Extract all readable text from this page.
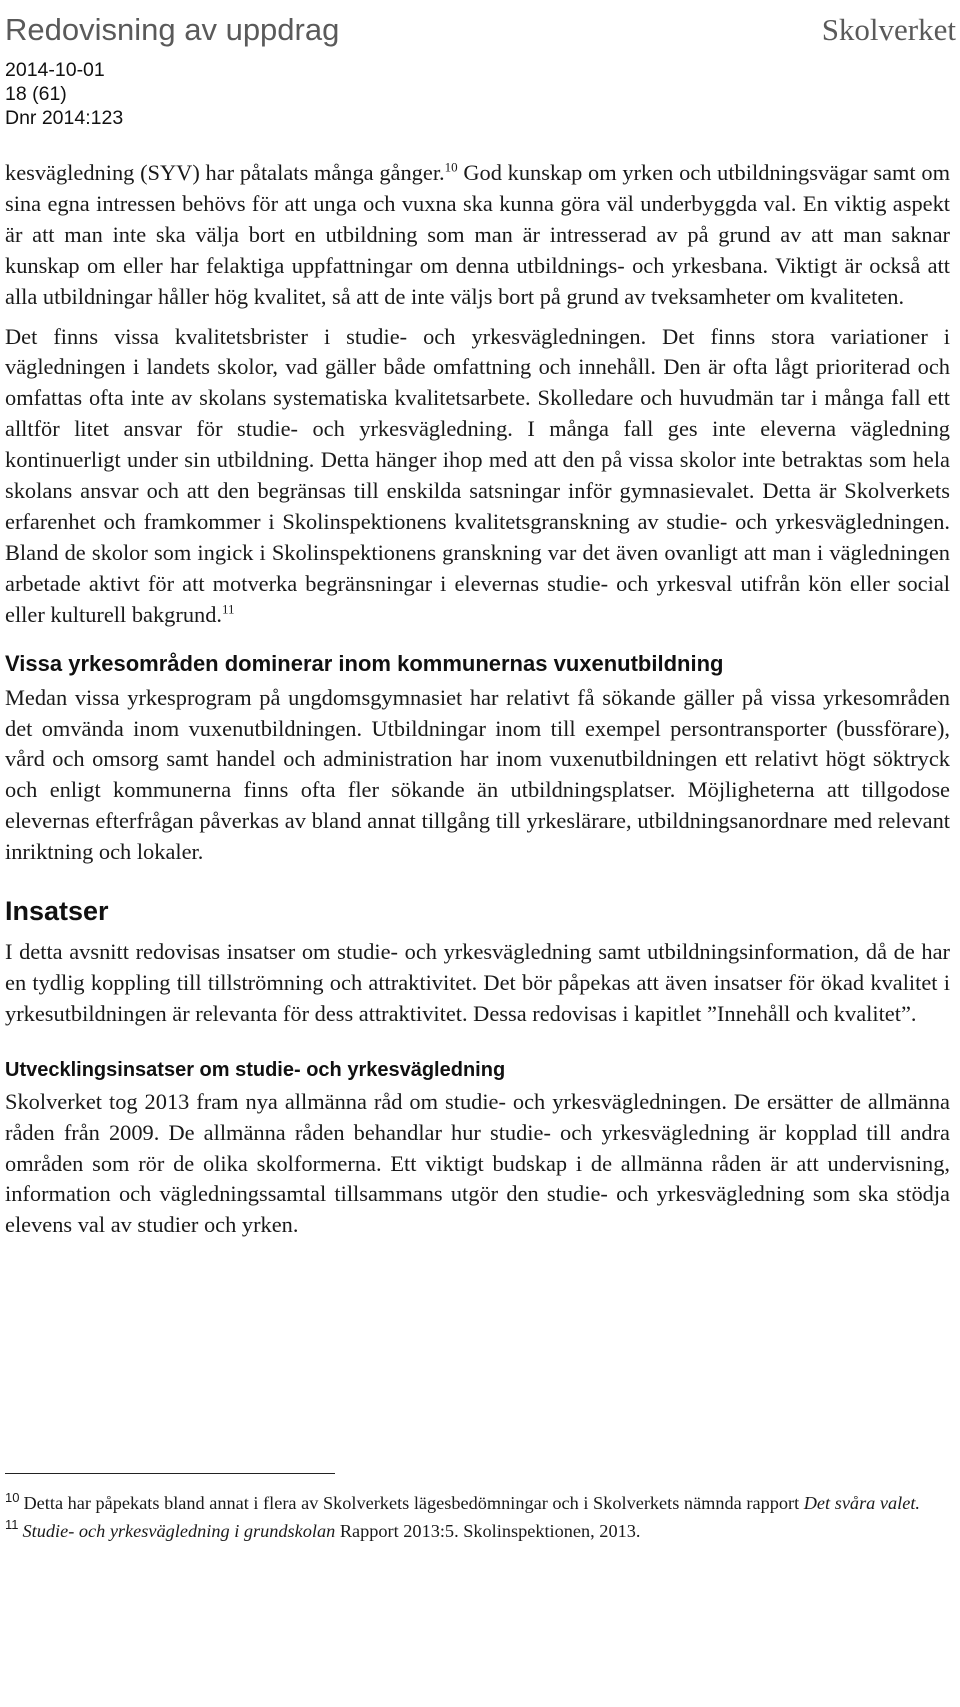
Redovisning av uppdrag	Skolverket
2014-10-01
18 (61)
Dnr 2014:123

kesvägledning (SYV) har påtalats många gånger.$^{10}$ God kunskap om yrken och utbildningsvägar samt om sina egna intressen behövs för att unga och vuxna ska kunna göra väl underbyggda val. En viktig aspekt är att man inte ska välja bort en utbildning som man är intresserad av på grund av att man saknar kunskap om eller har felaktiga uppfattningar om denna utbildnings- och yrkesbana. Viktigt är också att alla utbildningar håller hög kvalitet, så att de inte väljs bort på grund av tveksamheter om kvaliteten.

Det finns vissa kvalitetsbrister i studie- och yrkesvägledningen. Det finns stora variationer i vägledningen i landets skolor, vad gäller både omfattning och innehåll. Den är ofta lågt prioriterad och omfattas ofta inte av skolans systematiska kvalitetsarbete. Skolledare och huvudmän tar i många fall ett alltför litet ansvar för studie- och yrkesvägledning. I många fall ges inte eleverna vägledning kontinuerligt under sin utbildning. Detta hänger ihop med att den på vissa skolor inte betraktas som hela skolans ansvar och att den begränsas till enskilda satsningar inför gymnasievalet. Detta är Skolverkets erfarenhet och framkommer i Skolinspektionens kvalitetsgranskning av studie- och yrkesvägledningen. Bland de skolor som ingick i Skolinspektionens granskning var det även ovanligt att man i vägledningen arbetade aktivt för att motverka begränsningar i elevernas studie- och yrkesval utifrån kön eller social eller kulturell bakgrund.$^{11}$

Vissa yrkesområden dominerar inom kommunernas vuxenutbildning

Medan vissa yrkesprogram på ungdomsgymnasiet har relativt få sökande gäller på vissa yrkesområden det omvända inom vuxenutbildningen. Utbildningar inom till exempel persontransporter (bussförare), vård och omsorg samt handel och administration har inom vuxenutbildningen ett relativt högt söktryck och enligt kommunerna finns ofta fler sökande än utbildningsplatser. Möjligheterna att tillgodose elevernas efterfrågan påverkas av bland annat tillgång till yrkeslärare, utbildningsanordnare med relevant inriktning och lokaler.

Insatser

I detta avsnitt redovisas insatser om studie- och yrkesvägledning samt utbildningsinformation, då de har en tydlig koppling till tillströmning och attraktivitet. Det bör påpekas att även insatser för ökad kvalitet i yrkesutbildningen är relevanta för dess attraktivitet. Dessa redovisas i kapitlet ”Innehåll och kvalitet”.

Utvecklingsinsatser om studie- och yrkesvägledning

Skolverket tog 2013 fram nya allmänna råd om studie- och yrkesvägledningen. De ersätter de allmänna råden från 2009. De allmänna råden behandlar hur studie- och yrkesvägledning är kopplad till andra områden som rör de olika skolformerna. Ett viktigt budskap i de allmänna råden är att undervisning, information och vägledningssamtal tillsammans utgör den studie- och yrkesvägledning som ska stödja elevens val av studier och yrken.

$^{10}$ Detta har påpekats bland annat i flera av Skolverkets lägesbedömningar och i Skolverkets nämnda rapport Det svåra valet.

$^{11}$ Studie- och yrkesvägledning i grundskolan Rapport 2013:5. Skolinspektionen, 2013.
